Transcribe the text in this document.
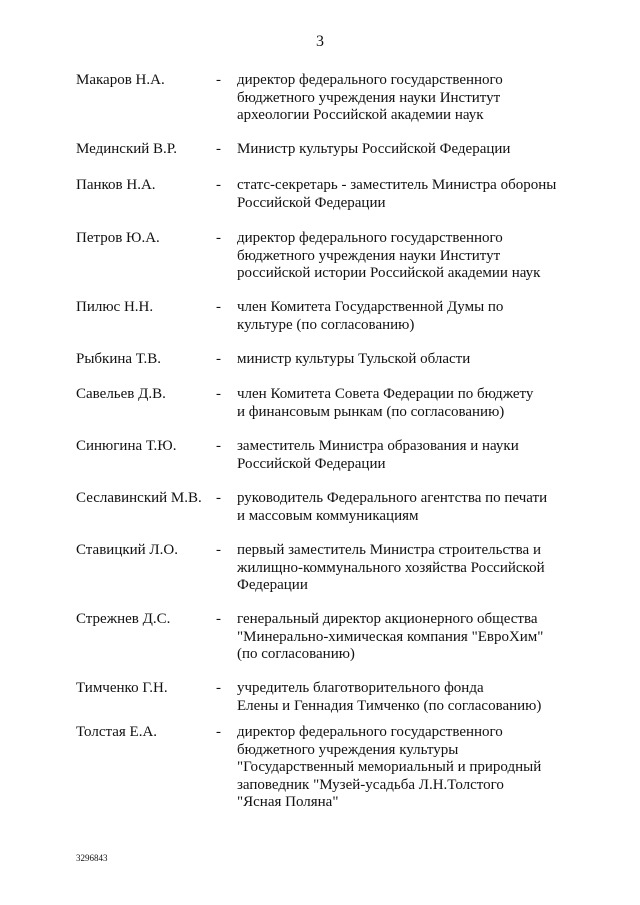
3
Макаров Н.А.	-	директор федерального государственного
бюджетного учреждения науки Институт
археологии Российской академии наук
Мединский В.Р.	-	Министр культуры Российской Федерации
Панков Н.А.	-	статс-секретарь - заместитель Министра обороны
Российской Федерации
Петров Ю.А.	-	директор федерального государственного
бюджетного учреждения науки Институт
российской истории Российской академии наук
Пилюс Н.Н.	-	член Комитета Государственной Думы по
культуре (по согласованию)
Рыбкина Т.В.	-	министр культуры Тульской области
Савельев Д.В.	-	член Комитета Совета Федерации по бюджету
и финансовым рынкам (по согласованию)
Синюгина Т.Ю.	-	заместитель Министра образования и науки
Российской Федерации
Сеславинский М.В. -	руководитель Федерального агентства по печати
и массовым коммуникациям
Ставицкий Л.О.	-	первый заместитель Министра строительства и
жилищно-коммунального хозяйства Российской
Федерации
Стрежнев Д.С.	-	генеральный директор акционерного общества
"Минерально-химическая компания "ЕвроХим"
(по согласованию)
Тимченко Г.Н.	-	учредитель благотворительного фонда
Елены и Геннадия Тимченко (по согласованию)
Толстая Е.А.	-	директор федерального государственного
бюджетного учреждения культуры
"Государственный мемориальный и природный
заповедник "Музей-усадьба Л.Н.Толстого
"Ясная Поляна"
3296843
